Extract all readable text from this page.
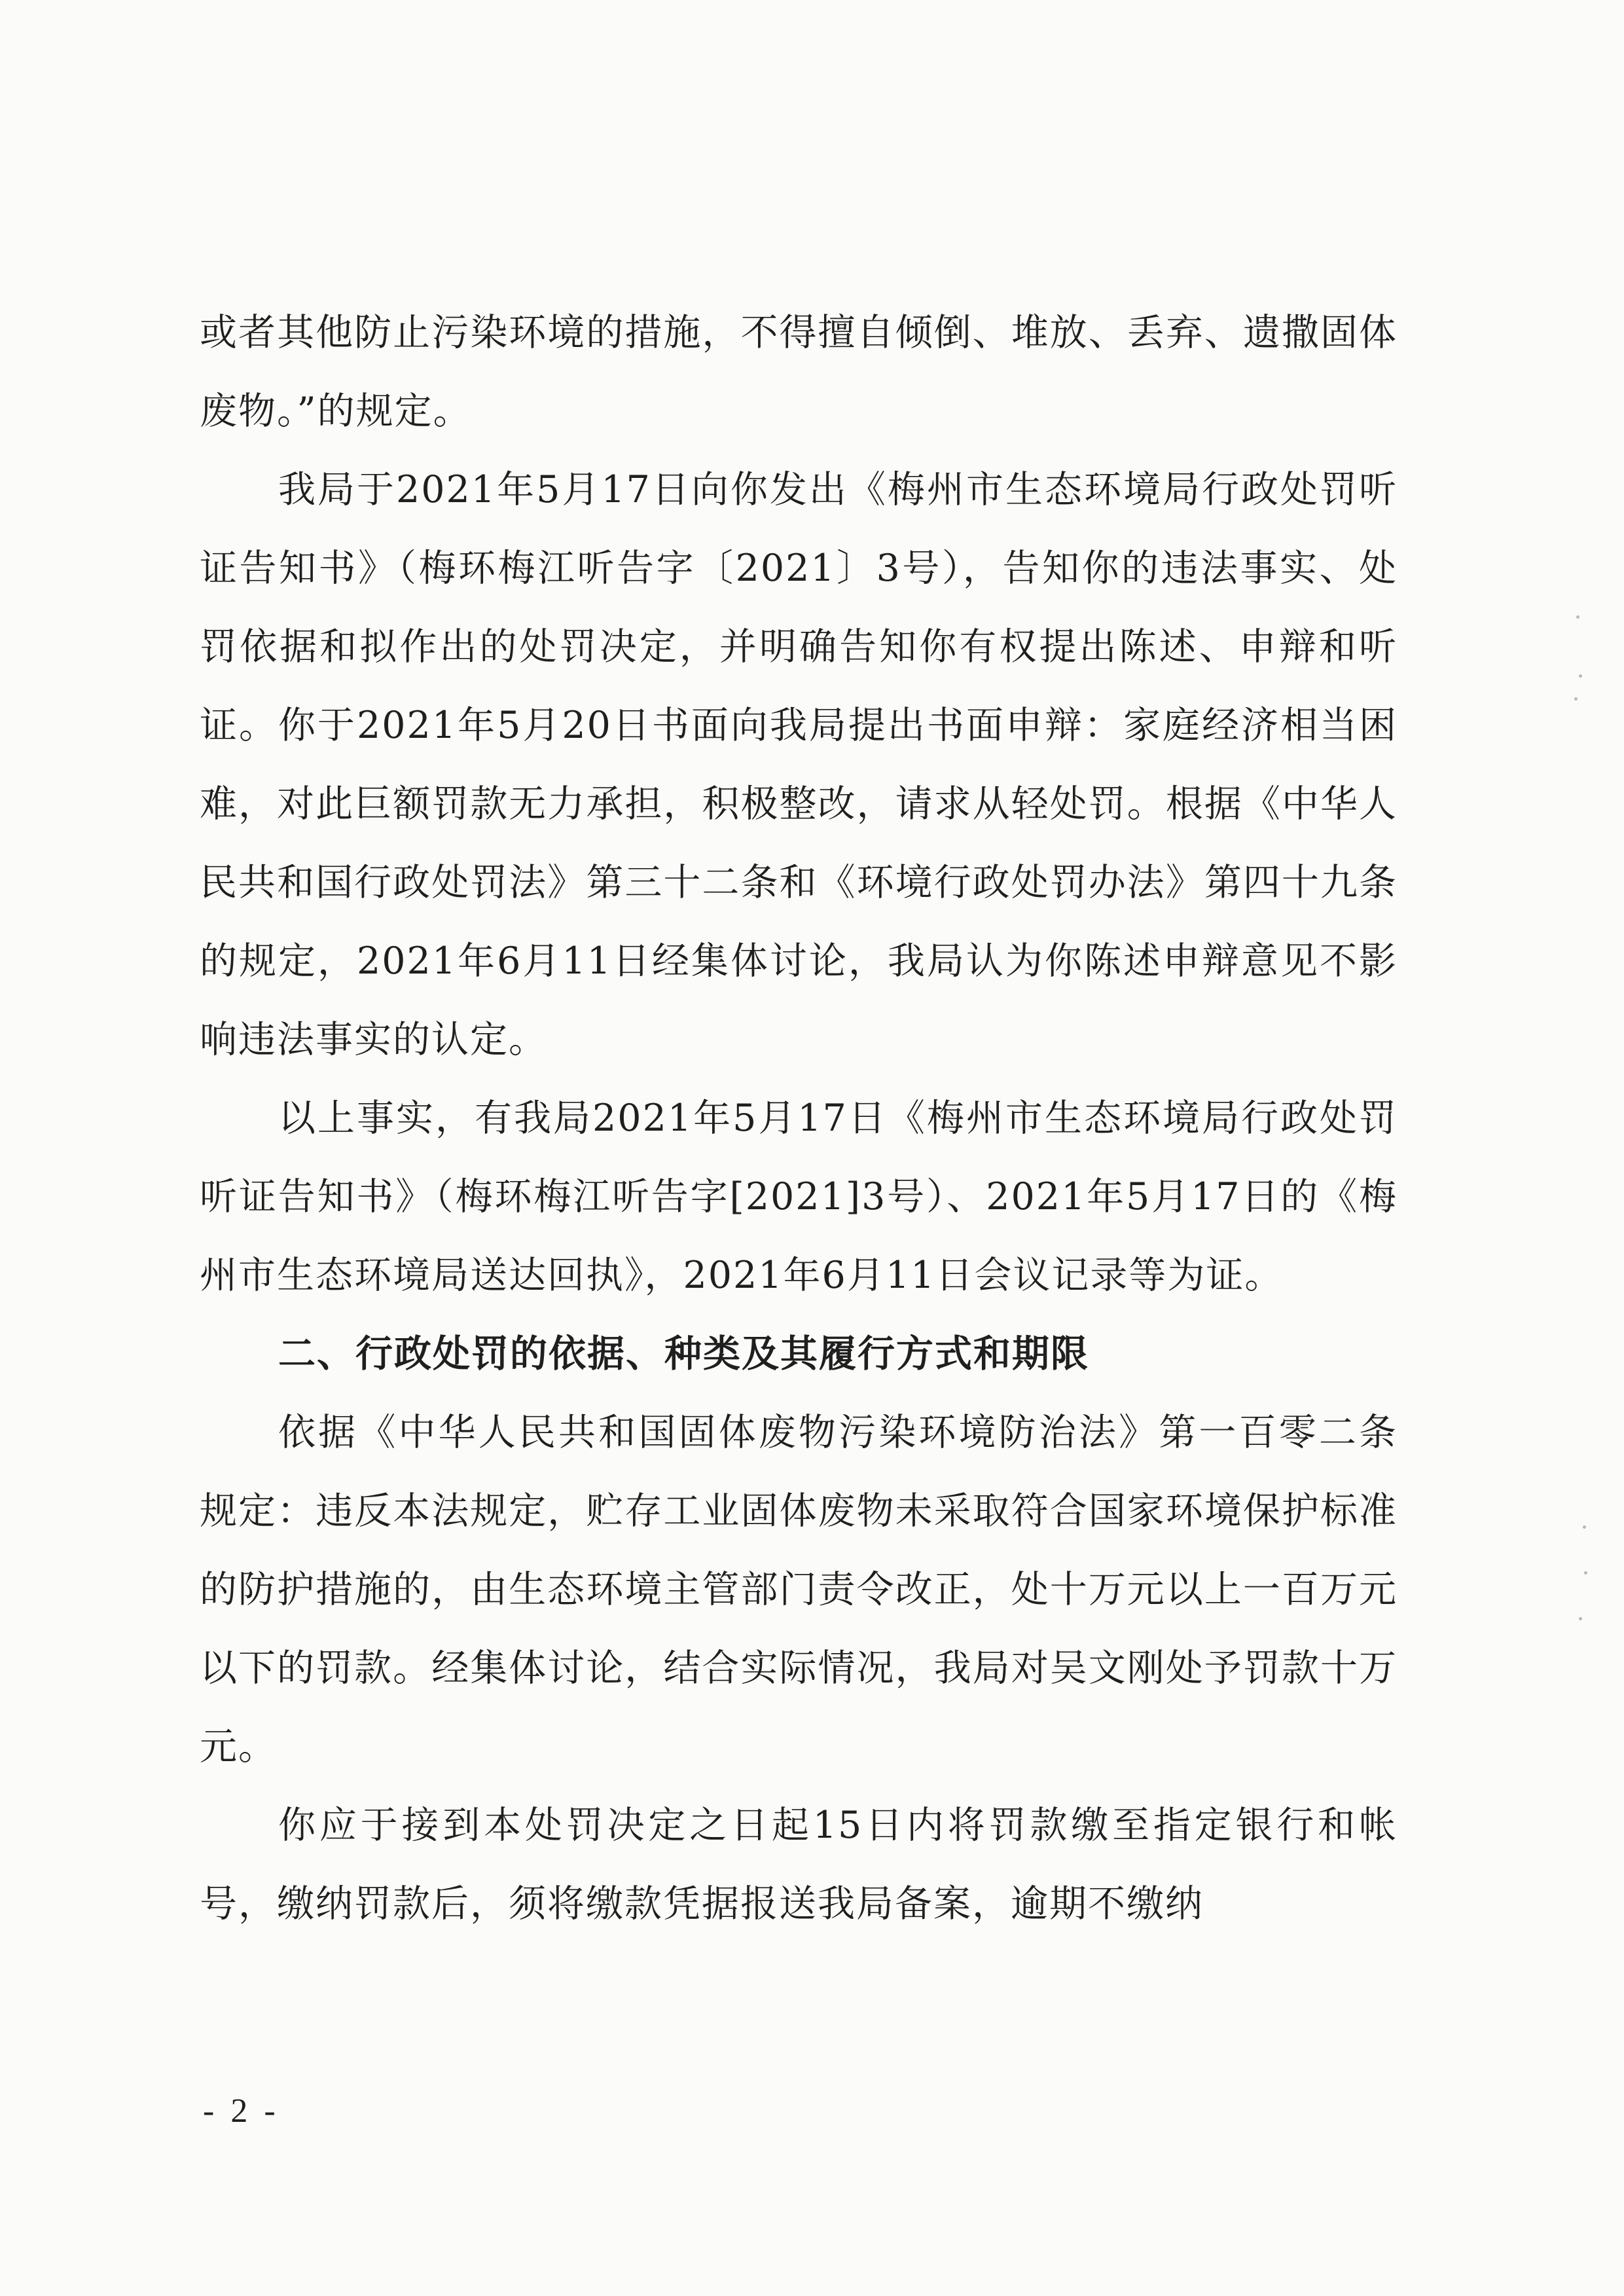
或者其他防止污染环境的措施，不得擅自倾倒、堆放、丢弃、遗撒固体废物。”的规定。

我局于2021年5月17日向你发出《梅州市生态环境局行政处罚听证告知书》（梅环梅江听告字〔2021〕3号），告知你的违法事实、处罚依据和拟作出的处罚决定，并明确告知你有权提出陈述、申辩和听证。你于2021年5月20日书面向我局提出书面申辩：家庭经济相当困难，对此巨额罚款无力承担，积极整改，请求从轻处罚。根据《中华人民共和国行政处罚法》第三十二条和《环境行政处罚办法》第四十九条的规定，2021年6月11日经集体讨论，我局认为你陈述申辩意见不影响违法事实的认定。

以上事实，有我局2021年5月17日《梅州市生态环境局行政处罚听证告知书》（梅环梅江听告字[2021]3号）、2021年5月17日的《梅州市生态环境局送达回执》，2021年6月11日会议记录等为证。

二、行政处罚的依据、种类及其履行方式和期限

依据《中华人民共和国固体废物污染环境防治法》第一百零二条规定：违反本法规定，贮存工业固体废物未采取符合国家环境保护标准的防护措施的，由生态环境主管部门责令改正，处十万元以上一百万元以下的罚款。经集体讨论，结合实际情况，我局对吴文刚处予罚款十万元。

你应于接到本处罚决定之日起15日内将罚款缴至指定银行和帐号，缴纳罚款后，须将缴款凭据报送我局备案，逾期不缴纳

- 2 -
